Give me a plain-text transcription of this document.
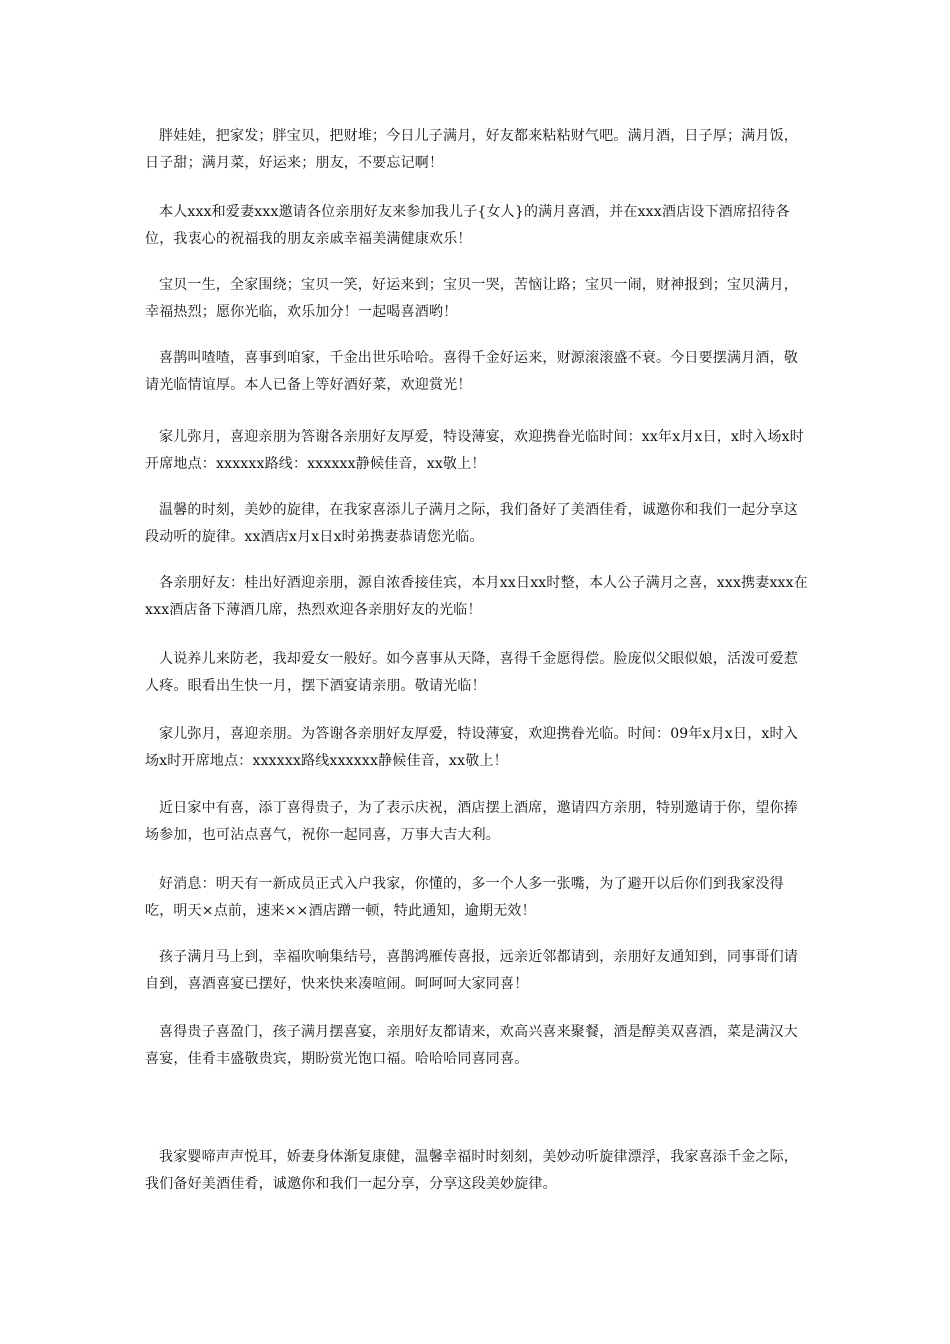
胖娃娃，把家发；胖宝贝，把财堆；今日儿子满月，好友都来粘粘财气吧。满月酒，日子厚；满月饭，日子甜；满月菜，好运来；朋友，不要忘记啊！

本人xxx和爱妻xxx邀请各位亲朋好友来参加我儿子{女人}的满月喜酒，并在xxx酒店设下酒席招待各位，我衷心的祝福我的朋友亲戚幸福美满健康欢乐！

宝贝一生，全家围绕；宝贝一笑，好运来到；宝贝一哭，苦恼让路；宝贝一闹，财神报到；宝贝满月，幸福热烈；愿你光临，欢乐加分！一起喝喜酒哟！

喜鹊叫喳喳，喜事到咱家，千金出世乐哈哈。喜得千金好运来，财源滚滚盛不衰。今日要摆满月酒，敬请光临情谊厚。本人已备上等好酒好菜，欢迎赏光！

家儿弥月，喜迎亲朋为答谢各亲朋好友厚爱，特设薄宴，欢迎携眷光临时间：xx年x月x日，x时入场x时开席地点：xxxxxx路线：xxxxxx静候佳音，xx敬上！

温馨的时刻，美妙的旋律，在我家喜添儿子满月之际，我们备好了美酒佳肴，诚邀你和我们一起分享这段动听的旋律。xx酒店x月x日x时弟携妻恭请您光临。

各亲朋好友：桂出好酒迎亲朋，源自浓香接佳宾，本月xx日xx时整，本人公子满月之喜，xxx携妻xxx在xxx酒店备下薄酒几席，热烈欢迎各亲朋好友的光临！

人说养儿来防老，我却爱女一般好。如今喜事从天降，喜得千金愿得偿。脸庞似父眼似娘，活泼可爱惹人疼。眼看出生快一月，摆下酒宴请亲朋。敬请光临！

家儿弥月，喜迎亲朋。为答谢各亲朋好友厚爱，特设薄宴，欢迎携眷光临。时间：09年x月x日，x时入场x时开席地点：xxxxxx路线xxxxxx静候佳音，xx敬上！

近日家中有喜，添丁喜得贵子，为了表示庆祝，酒店摆上酒席，邀请四方亲朋，特别邀请于你，望你捧场参加，也可沾点喜气，祝你一起同喜，万事大吉大利。

好消息：明天有一新成员正式入户我家，你懂的，多一个人多一张嘴，为了避开以后你们到我家没得吃，明天×点前，速来××酒店蹭一顿，特此通知，逾期无效！

孩子满月马上到，幸福吹响集结号，喜鹊鸿雁传喜报，远亲近邻都请到，亲朋好友通知到，同事哥们请自到，喜酒喜宴已摆好，快来快来凑喧闹。呵呵呵大家同喜！

喜得贵子喜盈门，孩子满月摆喜宴，亲朋好友都请来，欢高兴喜来聚餐，酒是醇美双喜酒，菜是满汉大喜宴，佳肴丰盛敬贵宾，期盼赏光饱口福。哈哈哈同喜同喜。

我家婴啼声声悦耳，娇妻身体渐复康健，温馨幸福时时刻刻，美妙动听旋律漂浮，我家喜添千金之际，我们备好美酒佳肴，诚邀你和我们一起分享，分享这段美妙旋律。
